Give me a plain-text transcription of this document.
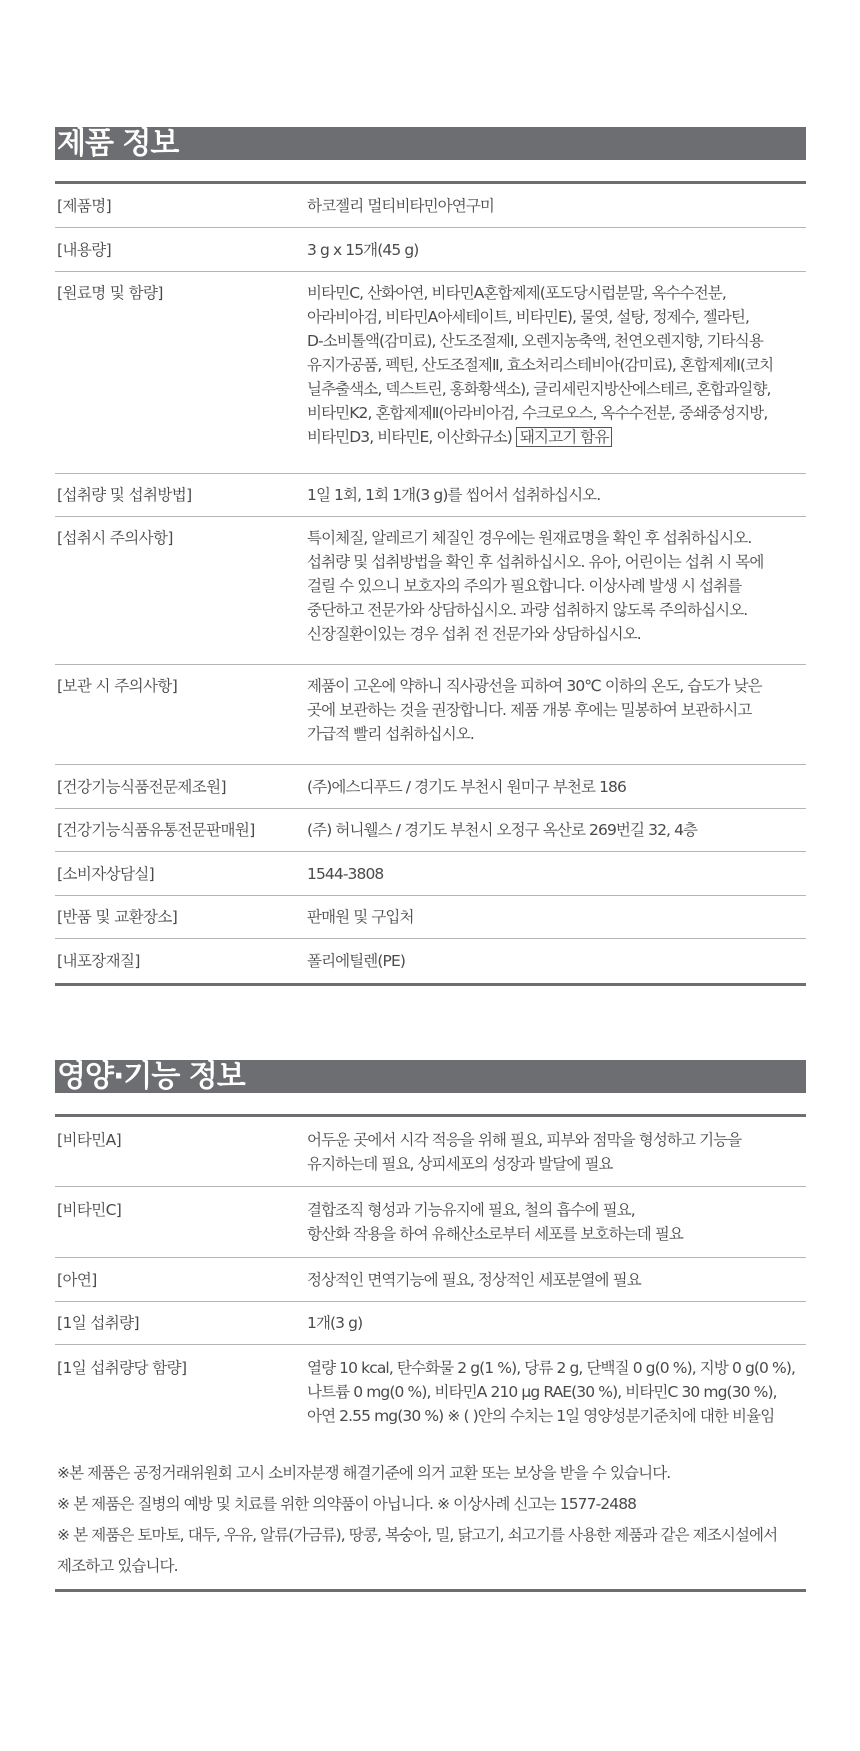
제품 정보
[제품명]	하코젤리 멀티비타민아연구미
[내용량]	3 g x 15개(45 g)
[원료명 및 함량]	비타민C, 산화아연, 비타민A혼합제제(포도당시럽분말, 옥수수전분,
아라비아검, 비타민A아세테이트, 비타민E), 물엿, 설탕, 정제수, 젤라틴,
D-소비톨액(감미료), 산도조절제Ⅰ, 오렌지농축액, 천연오렌지향, 기타식용
유지가공품, 펙틴, 산도조절제Ⅱ, 효소처리스테비아(감미료), 혼합제제Ⅰ(코치
닐추출색소, 덱스트린, 홍화황색소), 글리세린지방산에스테르, 혼합과일향,
비타민K2, 혼합제제Ⅱ(아라비아검, 수크로오스, 옥수수전분, 중쇄중성지방,
비타민D3, 비타민E, 이산화규소) 돼지고기 함유
[섭취량 및 섭취방법]	1일 1회, 1회 1개(3 g)를 씹어서 섭취하십시오.
[섭취시 주의사항]	특이체질, 알레르기 체질인 경우에는 원재료명을 확인 후 섭취하십시오.
섭취량 및 섭취방법을 확인 후 섭취하십시오. 유아, 어린이는 섭취 시 목에
걸릴 수 있으니 보호자의 주의가 필요합니다. 이상사례 발생 시 섭취를
중단하고 전문가와 상담하십시오. 과량 섭취하지 않도록 주의하십시오.
신장질환이있는 경우 섭취 전 전문가와 상담하십시오.
[보관 시 주의사항]	제품이 고온에 약하니 직사광선을 피하여 30℃ 이하의 온도, 습도가 낮은
곳에 보관하는 것을 권장합니다. 제품 개봉 후에는 밀봉하여 보관하시고
가급적 빨리 섭취하십시오.
[건강기능식품전문제조원]	(주)에스디푸드 / 경기도 부천시 원미구 부천로 186
[건강기능식품유통전문판매원]	(주) 허니웰스 / 경기도 부천시 오정구 옥산로 269번길 32, 4층
[소비자상담실]	1544-3808
[반품 및 교환장소]	판매원 및 구입처
[내포장재질]	폴리에틸렌(PE)
영양·기능 정보
[비타민A]	어두운 곳에서 시각 적응을 위해 필요, 피부와 점막을 형성하고 기능을
유지하는데 필요, 상피세포의 성장과 발달에 필요
[비타민C]	결합조직 형성과 기능유지에 필요, 철의 흡수에 필요,
항산화 작용을 하여 유해산소로부터 세포를 보호하는데 필요
[아연]	정상적인 면역기능에 필요, 정상적인 세포분열에 필요
[1일 섭취량]	1개(3 g)
[1일 섭취량당 함량]	열량 10 kcal, 탄수화물 2 g(1 %), 당류 2 g, 단백질 0 g(0 %), 지방 0 g(0 %),
나트륨 0 mg(0 %), 비타민A 210 μg RAE(30 %), 비타민C 30 mg(30 %),
아연 2.55 mg(30 %) ※ ( )안의 수치는 1일 영양성분기준치에 대한 비율임
※본 제품은 공정거래위원회 고시 소비자분쟁 해결기준에 의거 교환 또는 보상을 받을 수 있습니다.
※ 본 제품은 질병의 예방 및 치료를 위한 의약품이 아닙니다. ※ 이상사례 신고는 1577-2488
※ 본 제품은 토마토, 대두, 우유, 알류(가금류), 땅콩, 복숭아, 밀, 닭고기, 쇠고기를 사용한 제품과 같은 제조시설에서
제조하고 있습니다.
